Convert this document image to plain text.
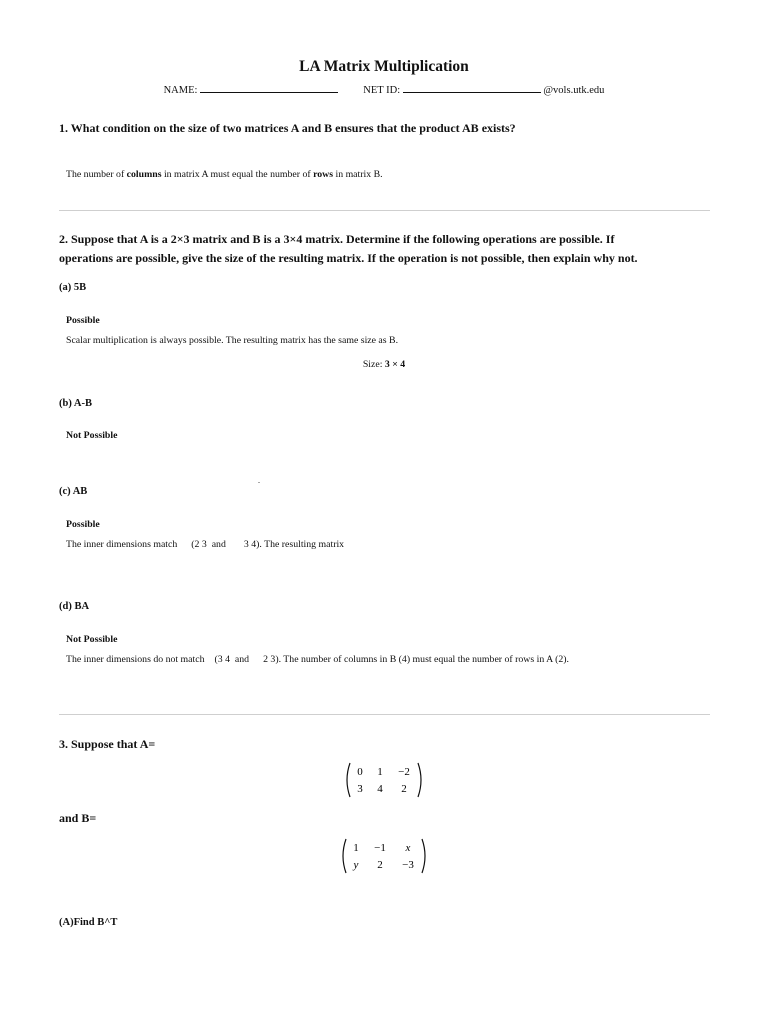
LA Matrix Multiplication
NAME:	NET ID:	@vols.utk.edu
1. What condition on the size of two matrices A and B ensures that the product AB exists?
The number of columns in matrix A must equal the number of rows in matrix B.
2. Suppose that A is a 2×3 matrix and B is a 3×4 matrix. Determine if the following operations are possible. If operations are possible, give the size of the resulting matrix. If the operation is not possible, then explain why not.
(a) 5B
Possible
Scalar multiplication is always possible. The resulting matrix has the same size as B.
Size: 3 × 4
(b) A-B
Not Possible
.
(c) AB
Possible
The inner dimensions match (2 3 and 3 4). The resulting matrix
(d) BA
Not Possible
The inner dimensions do not match (3 4 and 2 3). The number of columns in B (4) must equal the number of rows in A (2).
3. Suppose that A=
0 1 −2
3 4 2
and B=
1 −1 x
y 2 −3
(A)Find B^T
